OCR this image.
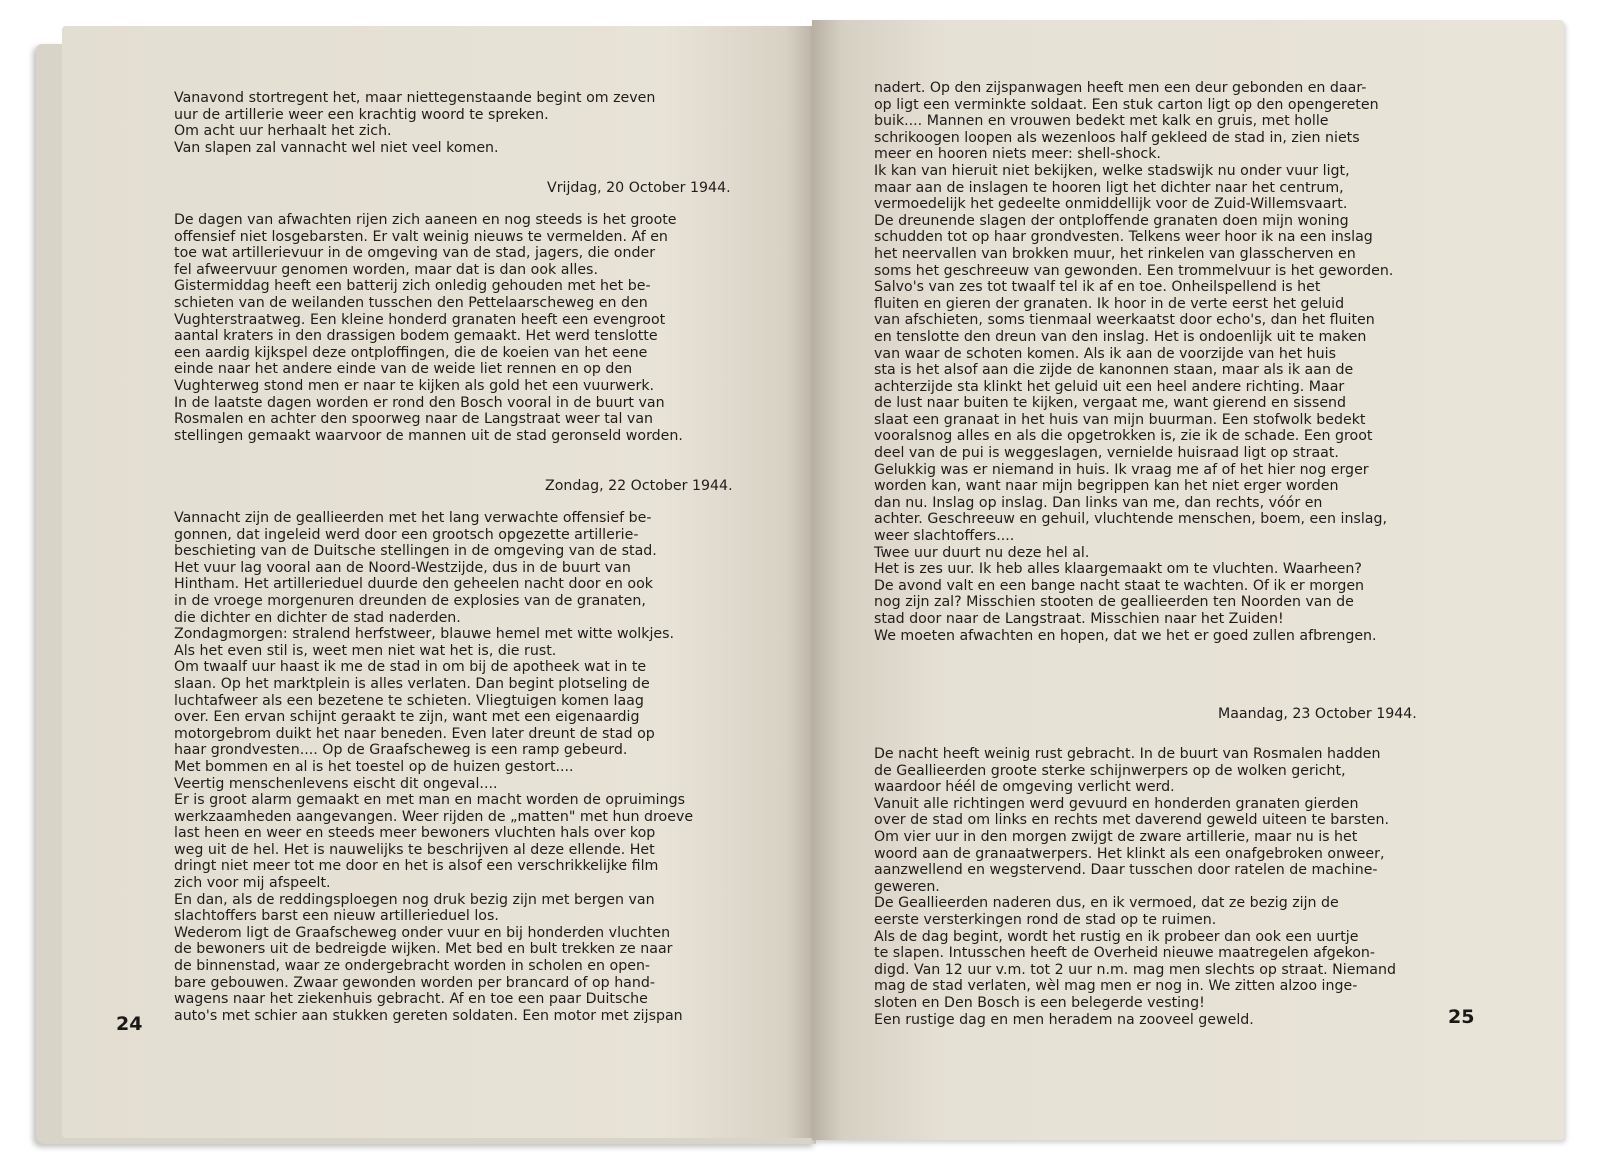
Vanavond stortregent het, maar niettegenstaande begint om zeven
uur de artillerie weer een krachtig woord te spreken.
Om acht uur herhaalt het zich.
Van slapen zal vannacht wel niet veel komen.
Vrijdag, 20 October 1944.
De dagen van afwachten rijen zich aaneen en nog steeds is het groote
offensief niet losgebarsten. Er valt weinig nieuws te vermelden. Af en
toe wat artillerievuur in de omgeving van de stad, jagers, die onder
fel afweervuur genomen worden, maar dat is dan ook alles.
Gistermiddag heeft een batterij zich onledig gehouden met het be-
schieten van de weilanden tusschen den Pettelaarscheweg en den
Vughterstraatweg. Een kleine honderd granaten heeft een evengroot
aantal kraters in den drassigen bodem gemaakt. Het werd tenslotte
een aardig kijkspel deze ontploffingen, die de koeien van het eene
einde naar het andere einde van de weide liet rennen en op den
Vughterweg stond men er naar te kijken als gold het een vuurwerk.
In de laatste dagen worden er rond den Bosch vooral in de buurt van
Rosmalen en achter den spoorweg naar de Langstraat weer tal van
stellingen gemaakt waarvoor de mannen uit de stad geronseld worden.
Zondag, 22 October 1944.
Vannacht zijn de geallieerden met het lang verwachte offensief be-
gonnen, dat ingeleid werd door een grootsch opgezette artillerie-
beschieting van de Duitsche stellingen in de omgeving van de stad.
Het vuur lag vooral aan de Noord-Westzijde, dus in de buurt van
Hintham. Het artillerieduel duurde den geheelen nacht door en ook
in de vroege morgenuren dreunden de explosies van de granaten,
die dichter en dichter de stad naderden.
Zondagmorgen: stralend herfstweer, blauwe hemel met witte wolkjes.
Als het even stil is, weet men niet wat het is, die rust.
Om twaalf uur haast ik me de stad in om bij de apotheek wat in te
slaan. Op het marktplein is alles verlaten. Dan begint plotseling de
luchtafweer als een bezetene te schieten. Vliegtuigen komen laag
over. Een ervan schijnt geraakt te zijn, want met een eigenaardig
motorgebrom duikt het naar beneden. Even later dreunt de stad op
haar grondvesten.... Op de Graafscheweg is een ramp gebeurd.
Met bommen en al is het toestel op de huizen gestort....
Veertig menschenlevens eischt dit ongeval....
Er is groot alarm gemaakt en met man en macht worden de opruimings
werkzaamheden aangevangen. Weer rijden de „matten" met hun droeve
last heen en weer en steeds meer bewoners vluchten hals over kop
weg uit de hel. Het is nauwelijks te beschrijven al deze ellende. Het
dringt niet meer tot me door en het is alsof een verschrikkelijke film
zich voor mij afspeelt.
En dan, als de reddingsploegen nog druk bezig zijn met bergen van
slachtoffers barst een nieuw artillerieduel los.
Wederom ligt de Graafscheweg onder vuur en bij honderden vluchten
de bewoners uit de bedreigde wijken. Met bed en bult trekken ze naar
de binnenstad, waar ze ondergebracht worden in scholen en open-
bare gebouwen. Zwaar gewonden worden per brancard of op hand-
wagens naar het ziekenhuis gebracht. Af en toe een paar Duitsche
auto's met schier aan stukken gereten soldaten. Een motor met zijspan
24
nadert. Op den zijspanwagen heeft men een deur gebonden en daar-
op ligt een verminkte soldaat. Een stuk carton ligt op den opengereten
buik.... Mannen en vrouwen bedekt met kalk en gruis, met holle
schrikoogen loopen als wezenloos half gekleed de stad in, zien niets
meer en hooren niets meer: shell-shock.
Ik kan van hieruit niet bekijken, welke stadswijk nu onder vuur ligt,
maar aan de inslagen te hooren ligt het dichter naar het centrum,
vermoedelijk het gedeelte onmiddellijk voor de Zuid-Willemsvaart.
De dreunende slagen der ontploffende granaten doen mijn woning
schudden tot op haar grondvesten. Telkens weer hoor ik na een inslag
het neervallen van brokken muur, het rinkelen van glasscherven en
soms het geschreeuw van gewonden. Een trommelvuur is het geworden.
Salvo's van zes tot twaalf tel ik af en toe. Onheilspellend is het
fluiten en gieren der granaten. Ik hoor in de verte eerst het geluid
van afschieten, soms tienmaal weerkaatst door echo's, dan het fluiten
en tenslotte den dreun van den inslag. Het is ondoenlijk uit te maken
van waar de schoten komen. Als ik aan de voorzijde van het huis
sta is het alsof aan die zijde de kanonnen staan, maar als ik aan de
achterzijde sta klinkt het geluid uit een heel andere richting. Maar
de lust naar buiten te kijken, vergaat me, want gierend en sissend
slaat een granaat in het huis van mijn buurman. Een stofwolk bedekt
vooralsnog alles en als die opgetrokken is, zie ik de schade. Een groot
deel van de pui is weggeslagen, vernielde huisraad ligt op straat.
Gelukkig was er niemand in huis. Ik vraag me af of het hier nog erger
worden kan, want naar mijn begrippen kan het niet erger worden
dan nu. Inslag op inslag. Dan links van me, dan rechts, vóór en
achter. Geschreeuw en gehuil, vluchtende menschen, boem, een inslag,
weer slachtoffers....
Twee uur duurt nu deze hel al.
Het is zes uur. Ik heb alles klaargemaakt om te vluchten. Waarheen?
De avond valt en een bange nacht staat te wachten. Of ik er morgen
nog zijn zal? Misschien stooten de geallieerden ten Noorden van de
stad door naar de Langstraat. Misschien naar het Zuiden!
We moeten afwachten en hopen, dat we het er goed zullen afbrengen.
Maandag, 23 October 1944.
De nacht heeft weinig rust gebracht. In de buurt van Rosmalen hadden
de Geallieerden groote sterke schijnwerpers op de wolken gericht,
waardoor héél de omgeving verlicht werd.
Vanuit alle richtingen werd gevuurd en honderden granaten gierden
over de stad om links en rechts met daverend geweld uiteen te barsten.
Om vier uur in den morgen zwijgt de zware artillerie, maar nu is het
woord aan de granaatwerpers. Het klinkt als een onafgebroken onweer,
aanzwellend en wegstervend. Daar tusschen door ratelen de machine-
geweren.
De Geallieerden naderen dus, en ik vermoed, dat ze bezig zijn de
eerste versterkingen rond de stad op te ruimen.
Als de dag begint, wordt het rustig en ik probeer dan ook een uurtje
te slapen. Intusschen heeft de Overheid nieuwe maatregelen afgekon-
digd. Van 12 uur v.m. tot 2 uur n.m. mag men slechts op straat. Niemand
mag de stad verlaten, wèl mag men er nog in. We zitten alzoo inge-
sloten en Den Bosch is een belegerde vesting!
Een rustige dag en men heradem na zooveel geweld.	25
